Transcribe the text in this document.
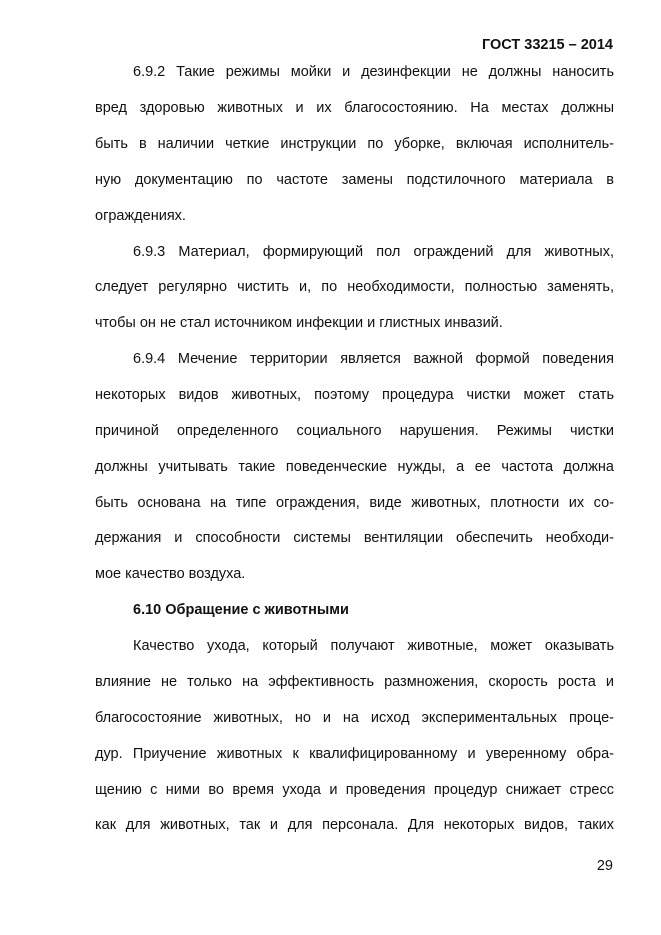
ГОСТ 33215 – 2014
6.9.2 Такие режимы мойки и дезинфекции не должны наносить
вред здоровью животных и их благосостоянию. На местах должны
быть в наличии четкие инструкции по уборке, включая исполнитель-
ную документацию по частоте замены подстилочного материала в
ограждениях.
6.9.3 Материал, формирующий пол ограждений для животных,
следует регулярно чистить и, по необходимости, полностью заменять,
чтобы он не стал источником инфекции и глистных инвазий.
6.9.4 Мечение территории является важной формой поведения
некоторых видов животных, поэтому процедура чистки может стать
причиной определенного социального нарушения. Режимы чистки
должны учитывать такие поведенческие нужды, а ее частота должна
быть основана на типе ограждения, виде животных, плотности их со-
держания и способности системы вентиляции обеспечить необходи-
мое качество воздуха.
6.10 Обращение с животными
Качество ухода, который получают животные, может оказывать
влияние не только на эффективность размножения, скорость роста и
благосостояние животных, но и на исход экспериментальных проце-
дур. Приучение животных к квалифицированному и уверенному обра-
щению с ними во время ухода и проведения процедур снижает стресс
как для животных, так и для персонала. Для некоторых видов, таких
29
